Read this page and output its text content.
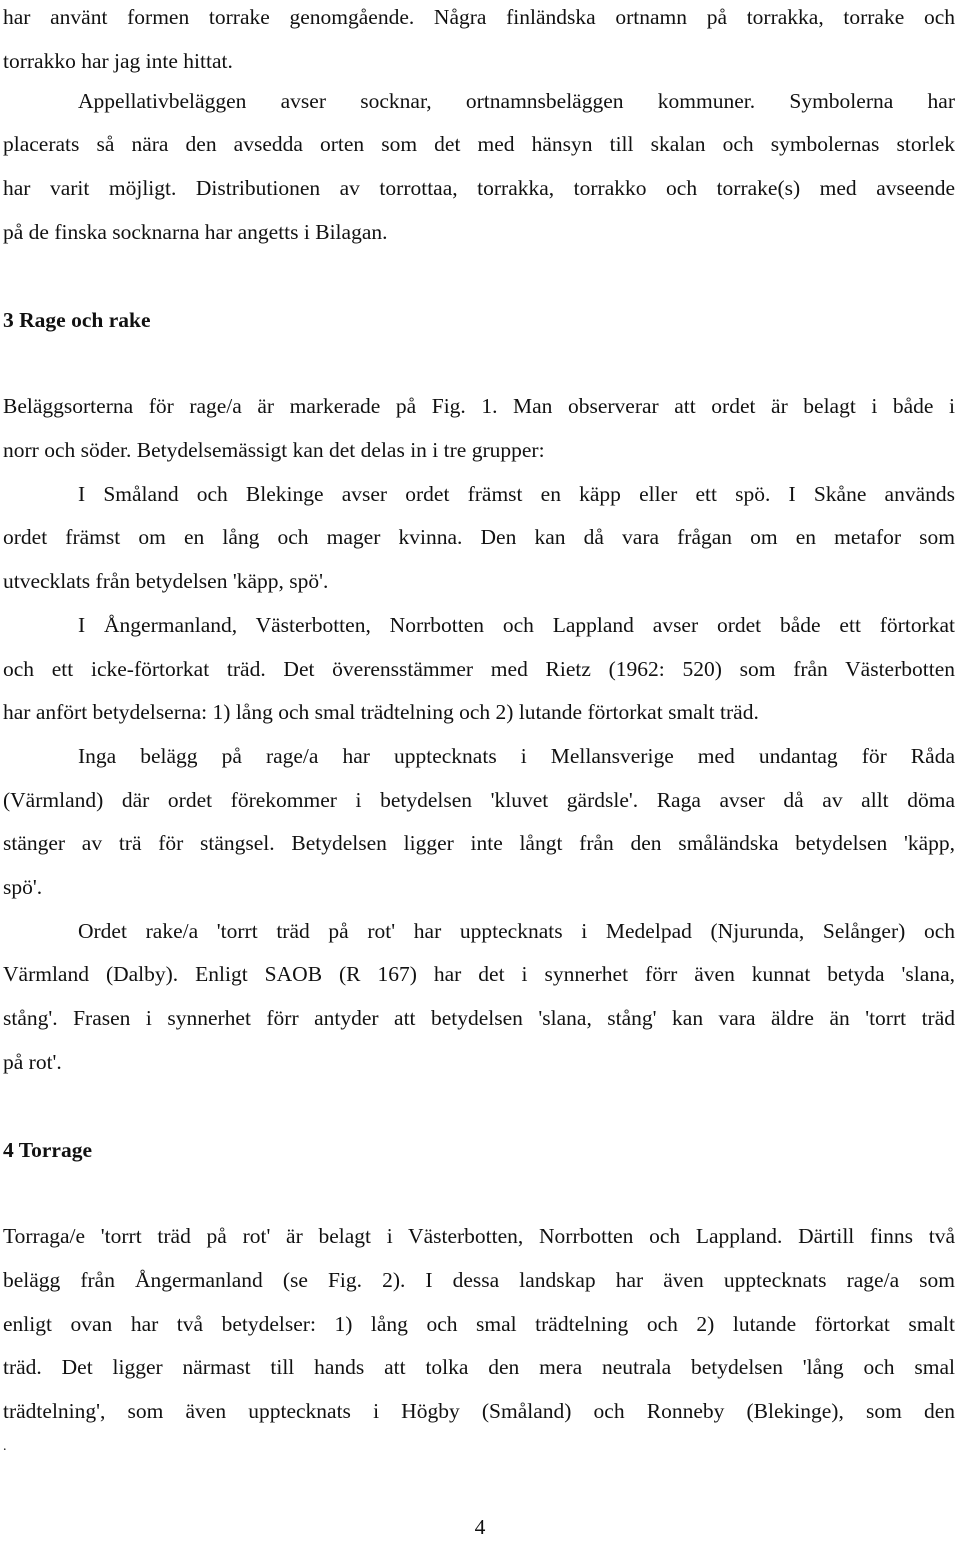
har använt formen torrake genomgående. Några finländska ortnamn på torrakka, torrake och
torrakko har jag inte hittat.
Appellativbeläggen avser socknar, ortnamnsbeläggen kommuner. Symbolerna har
placerats så nära den avsedda orten som det med hänsyn till skalan och symbolernas storlek
har varit möjligt. Distributionen av torrottaa, torrakka, torrakko och torrake(s) med avseende
på de finska socknarna har angetts i Bilagan.
3 Rage och rake
Beläggsorterna för rage/a är markerade på Fig. 1. Man observerar att ordet är belagt i både i
norr och söder. Betydelsemässigt kan det delas in i tre grupper:
I Småland och Blekinge avser ordet främst en käpp eller ett spö. I Skåne används
ordet främst om en lång och mager kvinna. Den kan då vara frågan om en metafor som
utvecklats från betydelsen 'käpp, spö'.
I Ångermanland, Västerbotten, Norrbotten och Lappland avser ordet både ett förtorkat
och ett icke-förtorkat träd. Det överensstämmer med Rietz (1962: 520) som från Västerbotten
har anfört betydelserna: 1) lång och smal trädtelning och 2) lutande förtorkat smalt träd.
Inga belägg på rage/a har upptecknats i Mellansverige med undantag för Råda
(Värmland) där ordet förekommer i betydelsen 'kluvet gärdsle'. Raga avser då av allt döma
stänger av trä för stängsel. Betydelsen ligger inte långt från den småländska betydelsen 'käpp,
spö'.
Ordet rake/a 'torrt träd på rot' har upptecknats i Medelpad (Njurunda, Selånger) och
Värmland (Dalby). Enligt SAOB (R 167) har det i synnerhet förr även kunnat betyda 'slana,
stång'. Frasen i synnerhet förr antyder att betydelsen 'slana, stång' kan vara äldre än 'torrt träd
på rot'.
4 Torrage
Torraga/e 'torrt träd på rot' är belagt i Västerbotten, Norrbotten och Lappland. Därtill finns två
belägg från Ångermanland (se Fig. 2). I dessa landskap har även upptecknats rage/a som
enligt ovan har två betydelser: 1) lång och smal trädtelning och 2) lutande förtorkat smalt
träd. Det ligger närmast till hands att tolka den mera neutrala betydelsen 'lång och smal
trädtelning', som även upptecknats i Högby (Småland) och Ronneby (Blekinge), som den
.
4
